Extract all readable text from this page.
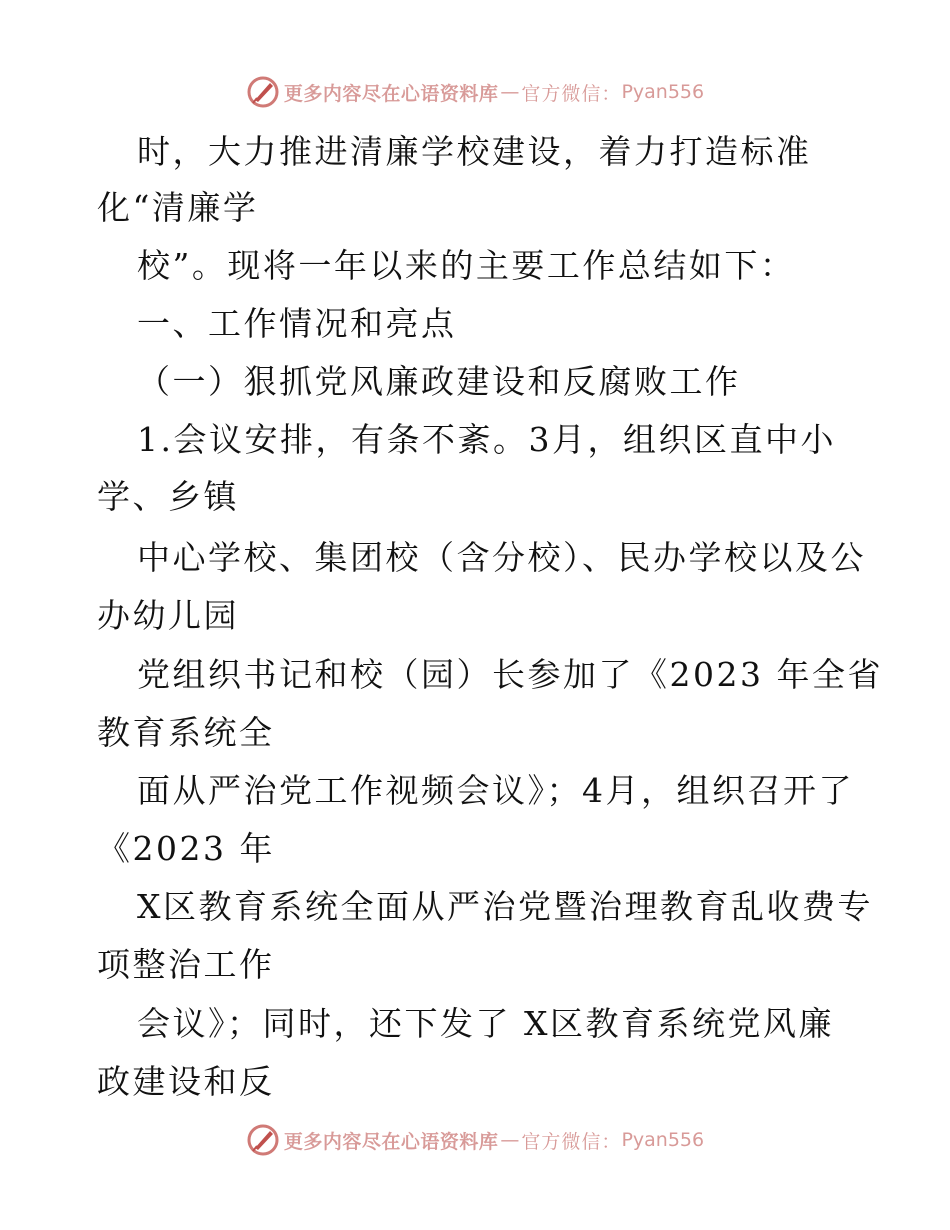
更多内容尽在心语资料库 — 官方微信： Pyan556
时，大力推进清廉学校建设，着力打造标准
化“清廉学
校”。现将一年以来的主要工作总结如下：
一、工作情况和亮点
（一）狠抓党风廉政建设和反腐败工作
1.会议安排，有条不紊。3月，组织区直中小
学、乡镇
中心学校、集团校（含分校）、民办学校以及公
办幼儿园
党组织书记和校（园）长参加了《2023 年全省
教育系统全
面从严治党工作视频会议》；4月，组织召开了
《2023 年
X区教育系统全面从严治党暨治理教育乱收费专
项整治工作
会议》；同时，还下发了 X区教育系统党风廉
政建设和反
更多内容尽在心语资料库 — 官方微信： Pyan556
